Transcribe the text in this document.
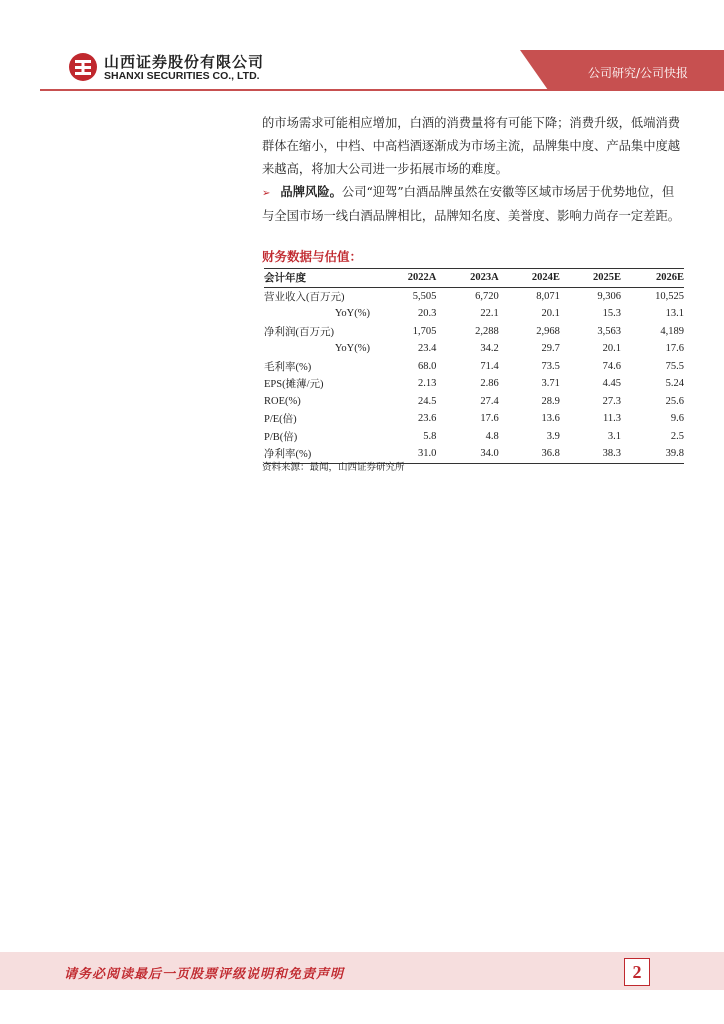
山西证券股份有限公司
SHANXI SECURITIES CO., LTD.	公司研究/公司快报
的市场需求可能相应增加，白酒的消费量将有可能下降；消费升级，低端消费群体在缩小，中档、中高档酒逐渐成为市场主流，品牌集中度、产品集中度越来越高，将加大公司进一步拓展市场的难度。
➢ 品牌风险。公司“迎驾”白酒品牌虽然在安徽等区域市场居于优势地位，但与全国市场一线白酒品牌相比，品牌知名度、美誉度、影响力尚存一定差距。
财务数据与估值：
会计年度	2022A	2023A	2024E	2025E	2026E
营业收入(百万元)	5,505	6,720	8,071	9,306	10,525
YoY(%)	20.3	22.1	20.1	15.3	13.1
净利润(百万元)	1,705	2,288	2,968	3,563	4,189
YoY(%)	23.4	34.2	29.7	20.1	17.6
毛利率(%)	68.0	71.4	73.5	74.6	75.5
EPS(摊薄/元)	2.13	2.86	3.71	4.45	5.24
ROE(%)	24.5	27.4	28.9	27.3	25.6
P/E(倍)	23.6	17.6	13.6	11.3	9.6
P/B(倍)	5.8	4.8	3.9	3.1	2.5
净利率(%)	31.0	34.0	36.8	38.3	39.8
资料来源：最闻，山西证券研究所
请务必阅读最后一页股票评级说明和免责声明	2
